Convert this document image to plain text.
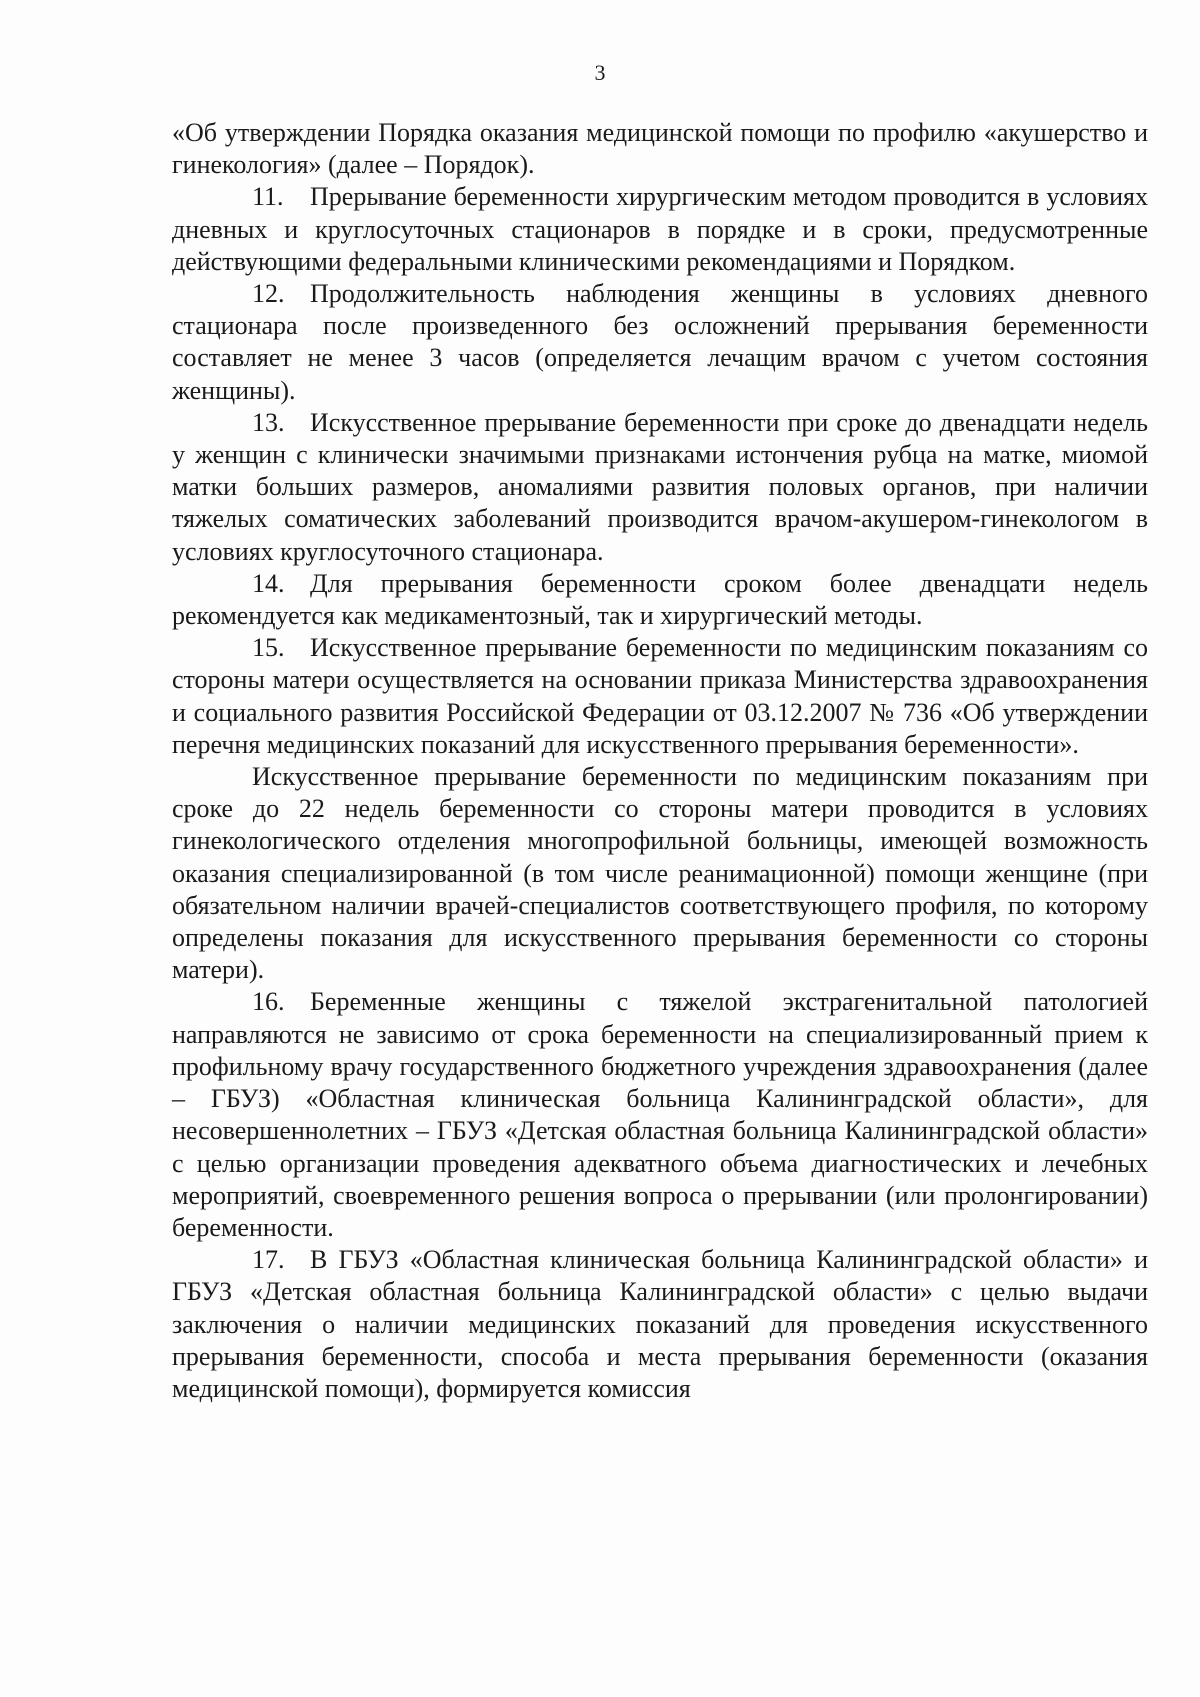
3

«Об утверждении Порядка оказания медицинской помощи по профилю «акушерство и гинекология» (далее – Порядок).

11. Прерывание беременности хирургическим методом проводится в условиях дневных и круглосуточных стационаров в порядке и в сроки, предусмотренные действующими федеральными клиническими рекомендациями и Порядком.

12. Продолжительность наблюдения женщины в условиях дневного стационара после произведенного без осложнений прерывания беременности составляет не менее 3 часов (определяется лечащим врачом с учетом состояния женщины).

13. Искусственное прерывание беременности при сроке до двенадцати недель у женщин с клинически значимыми признаками истончения рубца на матке, миомой матки больших размеров, аномалиями развития половых органов, при наличии тяжелых соматических заболеваний производится врачом-акушером-гинекологом в условиях круглосуточного стационара.

14. Для прерывания беременности сроком более двенадцати недель рекомендуется как медикаментозный, так и хирургический методы.

15. Искусственное прерывание беременности по медицинским показаниям со стороны матери осуществляется на основании приказа Министерства здравоохранения и социального развития Российской Федерации от 03.12.2007 № 736 «Об утверждении перечня медицинских показаний для искусственного прерывания беременности».

Искусственное прерывание беременности по медицинским показаниям при сроке до 22 недель беременности со стороны матери проводится в условиях гинекологического отделения многопрофильной больницы, имеющей возможность оказания специализированной (в том числе реанимационной) помощи женщине (при обязательном наличии врачей-специалистов соответствующего профиля, по которому определены показания для искусственного прерывания беременности со стороны матери).

16. Беременные женщины с тяжелой экстрагенитальной патологией направляются не зависимо от срока беременности на специализированный прием к профильному врачу государственного бюджетного учреждения здравоохранения (далее – ГБУЗ) «Областная клиническая больница Калининградской области», для несовершеннолетних – ГБУЗ «Детская областная больница Калининградской области» с целью организации проведения адекватного объема диагностических и лечебных мероприятий, своевременного решения вопроса о прерывании (или пролонгировании) беременности.

17. В ГБУЗ «Областная клиническая больница Калининградской области» и ГБУЗ «Детская областная больница Калининградской области» с целью выдачи заключения о наличии медицинских показаний для проведения искусственного прерывания беременности, способа и места прерывания беременности (оказания медицинской помощи), формируется комиссия
